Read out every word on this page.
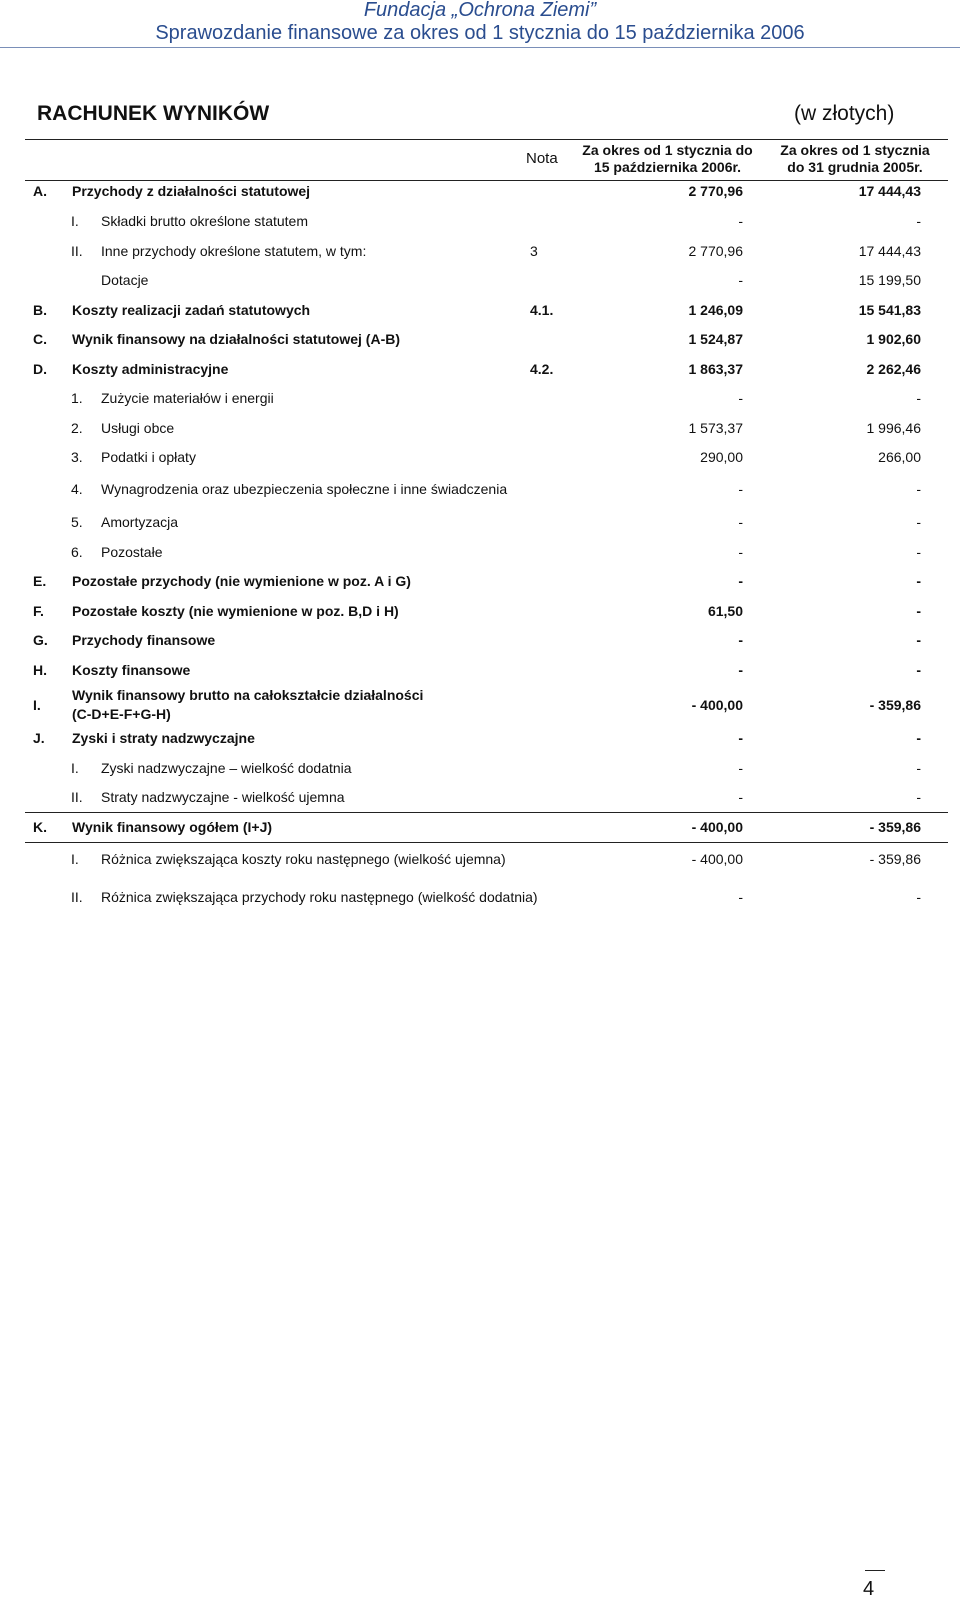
Fundacja „Ochrona Ziemi”
Sprawozdanie finansowe za okres od 1 stycznia do 15 października 2006
RACHUNEK WYNIKÓW	(w złotych)
Nota	Za okres od 1 stycznia do
15 października 2006r.
Za okres od 1 stycznia
do 31 grudnia 2005r.
A. Przychody z działalności statutowej	2 770,96	17 444,43
I. Składki brutto określone statutem	-	-
II. Inne przychody określone statutem, w tym:	3	2 770,96	17 444,43
Dotacje	-	15 199,50
B. Koszty realizacji zadań statutowych	4.1.	1 246,09	15 541,83
C. Wynik finansowy na działalności statutowej (A-B)	1 524,87	1 902,60
D. Koszty administracyjne	4.2.	1 863,37	2 262,46
1. Zużycie materiałów i energii	-	-
2. Usługi obce	1 573,37	1 996,46
3. Podatki i opłaty	290,00	266,00
4. Wynagrodzenia oraz ubezpieczenia społeczne i inne świadczenia	-	-
5. Amortyzacja	-	-
6. Pozostałe	-	-
E. Pozostałe przychody (nie wymienione w poz. A i G)	-	-
F. Pozostałe koszty (nie wymienione w poz. B,D i H)	61,50	-
G. Przychody finansowe	-	-
H. Koszty finansowe	-	-
I.
Wynik finansowy brutto na całokształcie działalności
(C-D+E-F+G-H)
- 400,00	- 359,86
J. Zyski i straty nadzwyczajne	-	-
I. Zyski nadzwyczajne – wielkość dodatnia	-	-
II. Straty nadzwyczajne - wielkość ujemna	-	-
K. Wynik finansowy ogółem (I+J)	- 400,00	- 359,86
I. Różnica zwiększająca koszty roku następnego (wielkość ujemna)	- 400,00	- 359,86
II. Różnica zwiększająca przychody roku następnego (wielkość dodatnia)	-	-
4
